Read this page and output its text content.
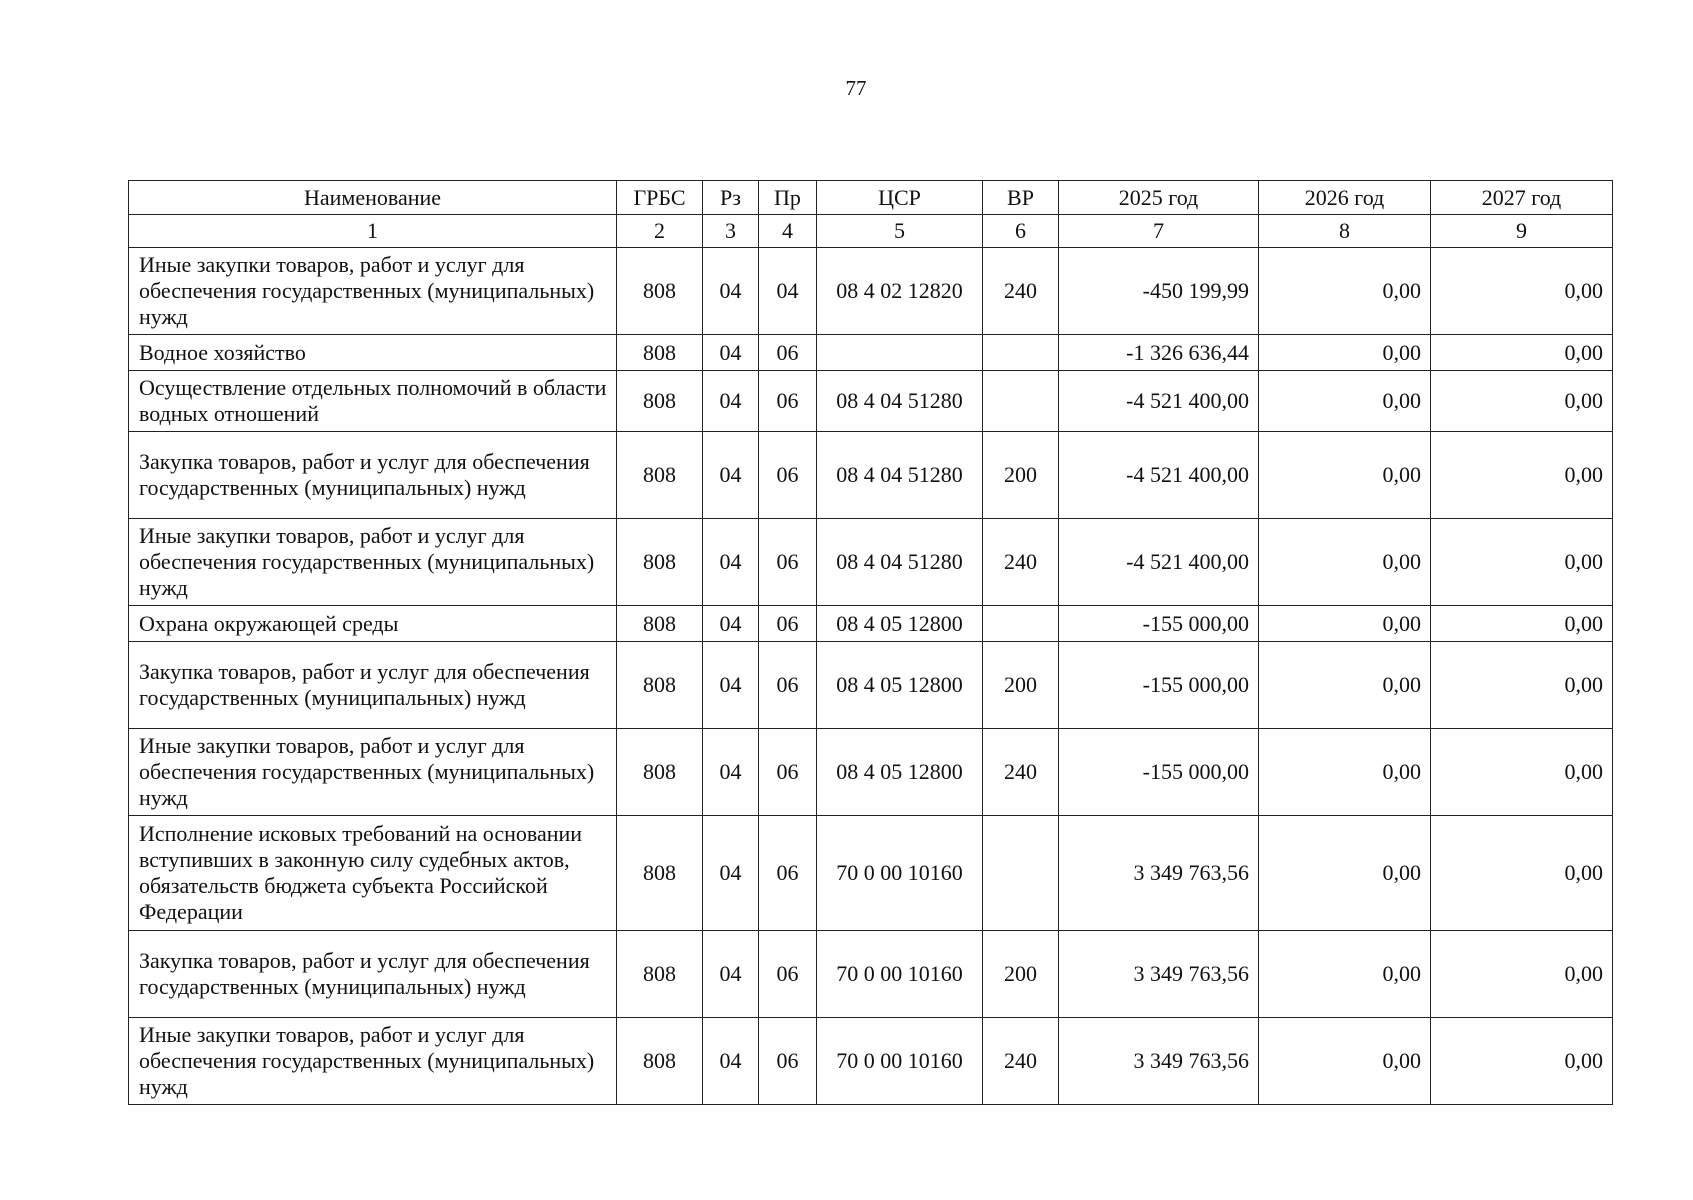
77
Наименование	ГРБС	Рз	Пр	ЦСР	ВР	2025 год	2026 год	2027 год
1	2	3	4	5	6	7	8	9
Иные закупки товаров, работ и услуг для обеспечения государственных (муниципальных) нужд	808	04	04	08 4 02 12820	240	-450 199,99	0,00	0,00
Водное хозяйство	808	04	06			-1 326 636,44	0,00	0,00
Осуществление отдельных полномочий в области водных отношений	808	04	06	08 4 04 51280		-4 521 400,00	0,00	0,00
Закупка товаров, работ и услуг для обеспечения государственных (муниципальных) нужд	808	04	06	08 4 04 51280	200	-4 521 400,00	0,00	0,00
Иные закупки товаров, работ и услуг для обеспечения государственных (муниципальных) нужд	808	04	06	08 4 04 51280	240	-4 521 400,00	0,00	0,00
Охрана окружающей среды	808	04	06	08 4 05 12800		-155 000,00	0,00	0,00
Закупка товаров, работ и услуг для обеспечения государственных (муниципальных) нужд	808	04	06	08 4 05 12800	200	-155 000,00	0,00	0,00
Иные закупки товаров, работ и услуг для обеспечения государственных (муниципальных) нужд	808	04	06	08 4 05 12800	240	-155 000,00	0,00	0,00
Исполнение исковых требований на основании вступивших в законную силу судебных актов, обязательств бюджета субъекта Российской Федерации	808	04	06	70 0 00 10160		3 349 763,56	0,00	0,00
Закупка товаров, работ и услуг для обеспечения государственных (муниципальных) нужд	808	04	06	70 0 00 10160	200	3 349 763,56	0,00	0,00
Иные закупки товаров, работ и услуг для обеспечения государственных (муниципальных) нужд	808	04	06	70 0 00 10160	240	3 349 763,56	0,00	0,00
